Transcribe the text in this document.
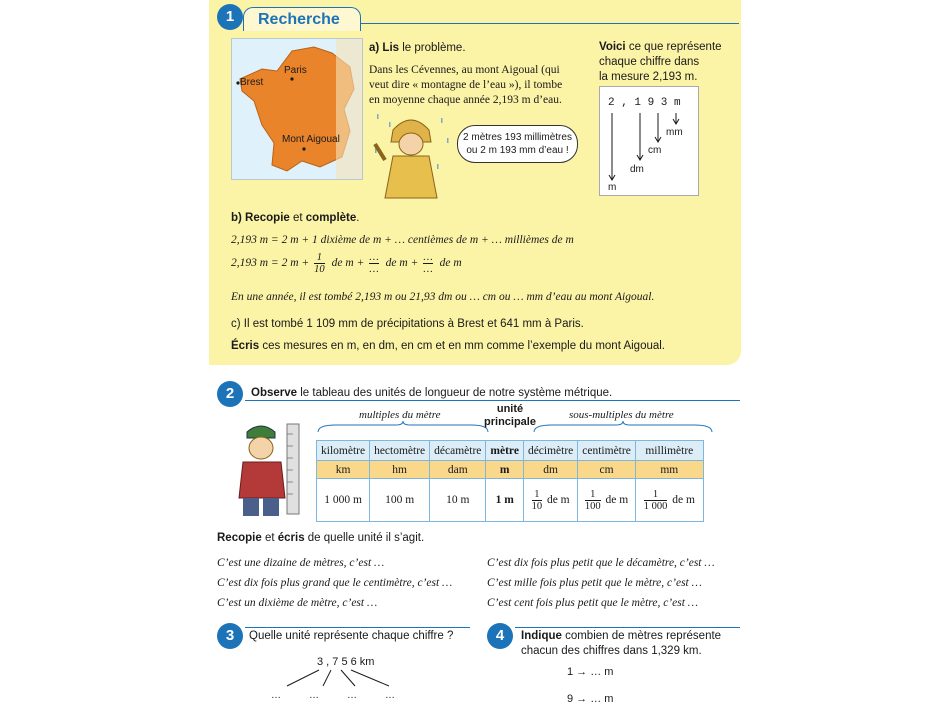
1	Recherche
Paris
Brest
Mont Aigoual
a) Lis le problème.
Dans les Cévennes, au mont Aigoual (qui
veut dire « montagne de l’eau »), il tombe
en moyenne chaque année 2,193 m d’eau.
2 mètres 193 millimètres
ou 2 m 193 mm d’eau !
Voici ce que représente
chaque chiffre dans
la mesure 2,193 m.
2 , 1 9 3 m
mm
cm
dm
m
b) Recopie et complète.
2,193 m = 2 m + 1 dixième de m + … centièmes de m + … millièmes de m
2,193 m = 2 $m + \frac{1}{10}$ de $m + \frac{\dots}{\dots}$ de $m + \frac{\dots}{\dots}$ de m
En une année, il est tombé 2,193 m ou 21,93 dm ou … cm ou … mm d’eau au mont Aigoual.
c) Il est tombé 1 109 mm de précipitations à Brest et 641 mm à Paris.
Écris ces mesures en m, en dm, en cm et en mm comme l’exemple du mont Aigoual.
2	Observe le tableau des unités de longueur de notre système métrique.
multiples du mètre	unité
principale
sous-multiples du mètre
kilomètre	hectomètre	décamètre	mètre	décimètre	centimètre	millimètre
km	hm	dam	m	dm	cm	mm
1 000 m	100 m	10 m	1 m	$\frac{1}{10}$ de m	$\frac{1}{100}$ de m	$\frac{1}{1 000}$ de m
Recopie et écris de quelle unité il s’agit.
C’est une dizaine de mètres, c’est …
C’est dix fois plus grand que le centimètre, c’est …
C’est un dixième de mètre, c’est …
C’est dix fois plus petit que le décamètre, c’est …
C’est mille fois plus petit que le mètre, c’est …
C’est cent fois plus petit que le mètre, c’est …
3	Quelle unité représente chaque chiffre ?
3 , 7 5 6 km
…	…	…	…
4	Indique combien de mètres représente
chacun des chiffres dans 1,329 km.
1 → … m
9 → … m
